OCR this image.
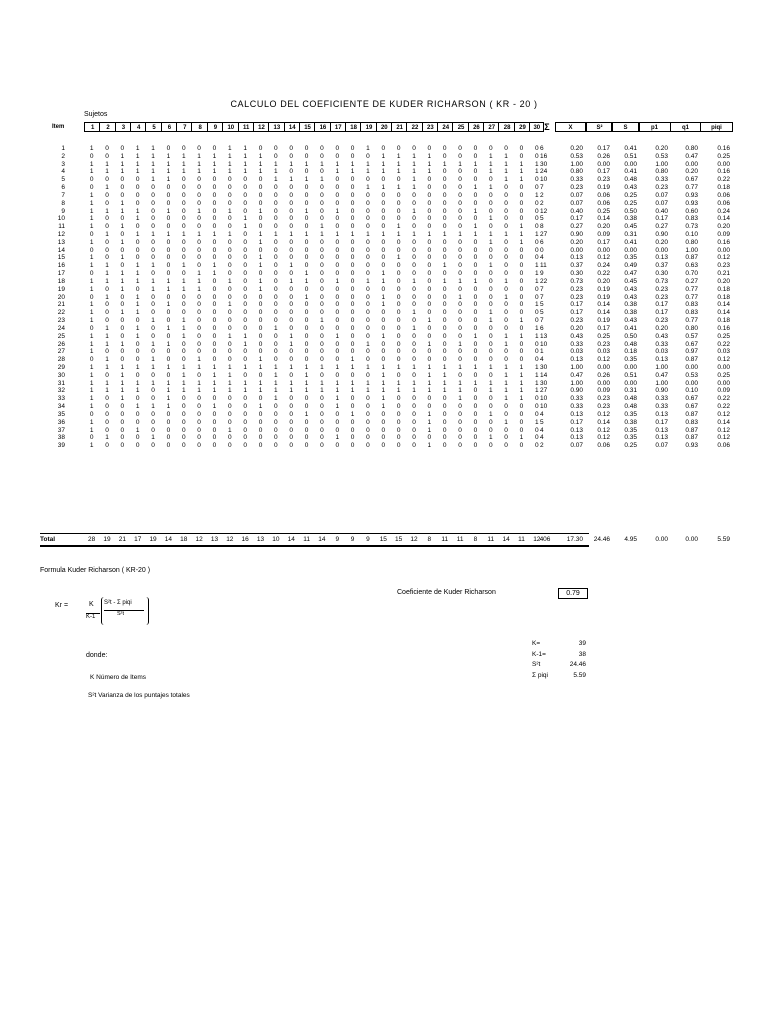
CALCULO DEL COEFICIENTE DE KUDER RICHARSON ( KR - 20 )
Sujetos
Item	1	2	3	4	5	6	7	8	9	10	11	12	13	14	15	16	17	18	19	20	21	22	23	24	25	26	27	28	29	30 Σ	X	S²	S	p1	q1	piqi
1	1	0	0	1	1	0	0	0	0	1	1	0	0	0	0	0	0	0	1	0	0	0	0	0	0	0	0	0	0	0 6	0.20	0.17	0.41	0.20	0.80	0.16
2	0	0	1	1	1	1	1	1	1	1	1	1	0	0	0	0	0	0	0	1	1	1	1	0	0	0	1	1	0	0 16	0.53	0.26	0.51	0.53	0.47	0.25
3	1	1	1	1	1	1	1	1	1	1	1	1	1	1	1	1	1	1	1	1	1	1	1	1	1	1	1	1	1	1 30	1.00	0.00	0.00	1.00	0.00	0.00
4	1	1	1	1	1	1	1	1	1	1	1	1	1	0	0	0	1	1	1	1	1	1	1	0	0	0	1	1	1	1 24	0.80	0.17	0.41	0.80	0.20	0.16
5	0	0	0	0	1	1	0	0	0	0	0	0	1	1	1	1	0	0	0	0	0	1	0	0	0	0	0	1	1	0 10	0.33	0.23	0.48	0.33	0.67	0.22
6	0	1	0	0	0	0	0	0	0	0	0	0	0	0	0	0	0	0	1	1	1	1	0	0	0	1	1	0	0	0 7	0.23	0.19	0.43	0.23	0.77	0.18
7	1	0	0	0	0	0	0	0	0	0	0	0	0	0	0	0	0	0	0	0	0	0	0	0	0	0	0	0	0	1 2	0.07	0.06	0.25	0.07	0.93	0.06
8	1	0	1	0	0	0	0	0	0	0	0	0	0	0	0	0	0	0	0	0	0	0	0	0	0	0	0	0	0	0 2	0.07	0.06	0.25	0.07	0.93	0.06
9	1	1	1	1	0	1	0	1	0	1	0	1	0	0	1	0	1	0	0	0	0	1	0	0	0	1	0	0	0	0 12	0.40	0.25	0.50	0.40	0.60	0.24
10	1	0	0	1	0	0	0	0	0	0	1	0	0	0	0	0	0	0	0	0	0	0	0	0	0	0	1	0	0	0 5	0.17	0.14	0.38	0.17	0.83	0.14
11	1	0	1	0	0	0	0	0	0	0	1	0	0	0	0	1	0	0	0	0	1	0	0	0	0	1	0	0	1	0 8	0.27	0.20	0.45	0.27	0.73	0.20
12	0	1	0	1	1	1	1	1	1	1	0	1	1	1	1	1	1	1	1	1	1	1	1	1	1	1	1	1	1	1 27	0.90	0.09	0.31	0.90	0.10	0.09
13	1	0	1	0	0	0	0	0	0	0	0	1	0	0	0	0	0	0	0	0	0	0	0	0	0	0	1	0	1	0 6	0.20	0.17	0.41	0.20	0.80	0.16
14	0	0	0	0	0	0	0	0	0	0	0	0	0	0	0	0	0	0	0	0	0	0	0	0	0	0	0	0	0	0 0	0.00	0.00	0.00	0.00	1.00	0.00
15	1	0	1	0	0	0	0	0	0	0	0	1	0	0	0	0	0	0	0	0	1	0	0	0	0	0	0	0	0	0 4	0.13	0.12	0.35	0.13	0.87	0.12
16	1	1	0	1	1	0	1	0	1	0	0	1	0	1	0	0	0	0	0	0	0	0	0	1	0	0	1	0	0	1 11	0.37	0.24	0.49	0.37	0.63	0.23
17	0	1	1	1	0	0	0	1	1	0	0	0	0	0	1	0	0	0	0	1	0	0	0	0	0	0	0	0	0	1 9	0.30	0.22	0.47	0.30	0.70	0.21
18	1	1	1	1	1	1	1	1	0	1	0	1	0	1	1	0	1	0	1	1	0	1	0	1	1	1	0	1	0	1 22	0.73	0.20	0.45	0.73	0.27	0.20
19	1	0	1	0	1	1	1	1	0	0	0	1	0	0	0	0	0	0	0	0	0	0	0	0	0	0	0	0	0	0 7	0.23	0.19	0.43	0.23	0.77	0.18
20	0	1	0	1	0	0	0	0	0	0	0	0	0	0	1	0	0	0	0	1	0	0	0	0	1	0	0	1	0	0 7	0.23	0.19	0.43	0.23	0.77	0.18
21	1	0	0	1	0	1	0	0	0	1	0	0	0	0	0	0	0	0	0	1	0	0	0	0	0	0	0	0	0	1 5	0.17	0.14	0.38	0.17	0.83	0.14
22	1	0	1	1	0	0	0	0	0	0	0	0	0	0	0	0	0	0	0	0	0	1	0	0	0	0	1	0	0	0 5	0.17	0.14	0.38	0.17	0.83	0.14
23	1	0	0	0	1	0	1	0	0	0	0	0	0	0	0	1	0	0	0	0	0	0	1	0	0	0	1	0	1	0 7	0.23	0.19	0.43	0.23	0.77	0.18
24	0	1	0	1	0	1	1	0	0	0	0	0	1	0	0	0	0	0	0	0	0	1	0	0	0	0	0	0	0	1 6	0.20	0.17	0.41	0.20	0.80	0.16
25	1	1	0	1	0	0	1	0	0	1	1	0	0	1	0	0	1	0	0	1	0	0	0	0	0	1	0	1	1	1 13	0.43	0.25	0.50	0.43	0.57	0.25
26	1	1	1	0	1	1	0	0	0	0	1	0	0	1	0	0	0	0	1	0	0	0	1	0	1	0	0	1	0	0 10	0.33	0.23	0.48	0.33	0.67	0.22
27	1	0	0	0	0	0	0	0	0	0	0	0	0	0	0	0	0	0	0	0	0	0	0	0	0	0	0	0	0	0 1	0.03	0.03	0.18	0.03	0.97	0.03
28	0	1	0	0	1	0	0	1	0	0	0	1	0	0	0	0	0	1	0	0	0	0	0	0	0	0	0	0	0	0 4	0.13	0.12	0.35	0.13	0.87	0.12
29	1	1	1	1	1	1	1	1	1	1	1	1	1	1	1	1	1	1	1	1	1	1	1	1	1	1	1	1	1	1 30	1.00	0.00	0.00	1.00	0.00	0.00
30	1	0	1	0	0	0	1	0	1	1	0	0	1	0	1	0	0	0	0	1	0	0	1	1	0	0	0	1	1	1 14	0.47	0.26	0.51	0.47	0.53	0.25
31	1	1	1	1	1	1	1	1	1	1	1	1	1	1	1	1	1	1	1	1	1	1	1	1	1	1	1	1	1	1 30	1.00	0.00	0.00	1.00	0.00	0.00
32	1	1	1	1	0	1	1	1	1	1	1	1	1	1	1	1	1	1	1	1	1	1	1	1	1	0	1	1	1	1 27	0.90	0.09	0.31	0.90	0.10	0.09
33	1	0	1	0	0	1	0	0	0	0	0	0	1	0	0	0	1	0	0	1	0	0	0	0	1	0	0	1	1	0 10	0.33	0.23	0.48	0.33	0.67	0.22
34	1	0	0	1	1	1	0	0	1	0	0	1	0	0	0	0	1	0	0	1	0	0	0	0	0	0	0	0	0	0 10	0.33	0.23	0.48	0.33	0.67	0.22
35	0	0	0	0	0	0	0	0	0	0	0	0	0	0	1	0	0	1	0	0	0	0	1	0	0	0	1	0	0	0 4	0.13	0.12	0.35	0.13	0.87	0.12
36	1	0	0	0	0	0	0	0	0	0	0	0	0	0	0	0	0	0	0	0	0	0	1	0	0	0	0	1	0	1 5	0.17	0.14	0.38	0.17	0.83	0.14
37	1	0	0	1	0	0	0	0	0	1	0	0	0	0	0	0	0	0	0	0	0	0	1	0	0	0	0	0	0	0 4	0.13	0.12	0.35	0.13	0.87	0.12
38	0	1	0	0	1	0	0	0	0	0	0	0	0	0	0	0	1	0	0	0	0	0	0	0	0	0	1	0	1	0 4	0.13	0.12	0.35	0.13	0.87	0.12
39	1	0	0	0	0	0	0	0	0	0	0	0	0	0	0	0	0	0	0	0	0	0	1	0	0	0	0	0	0	0 2	0.07	0.06	0.25	0.07	0.93	0.06
Total	28	19	21	17	19	14	18	12	13	12	16	13	10	14	11	14	9	9	9	15	15	12	8	11	11	8	11	14	11	12 406	17.30	24.46	4.95	0.00	0.00	5.59
Formula Kuder Richarson ( KR-20 )
Coeficiente de Kuder Richarson	0.79
Kr =	K
K-1
S²t - Σ piqi
S²t
donde:
K Número de Items
S²t Varianza de los puntajes totales
K=	39
K-1=	38
S²t	24.46
Σ piqi	5.59
